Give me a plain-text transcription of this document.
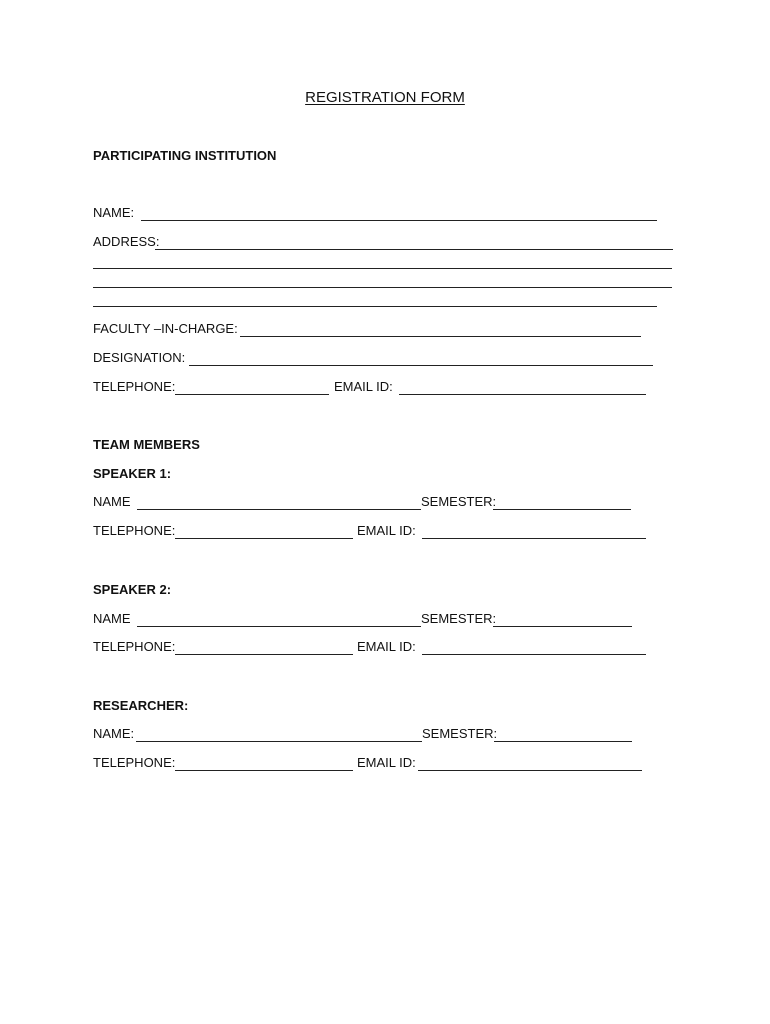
REGISTRATION FORM
PARTICIPATING INSTITUTION
NAME:
ADDRESS:
FACULTY –IN-CHARGE:
DESIGNATION:
TELEPHONE:	EMAIL ID:
TEAM MEMBERS
SPEAKER 1:
NAME	SEMESTER:
TELEPHONE:	EMAIL ID:
SPEAKER 2:
NAME	SEMESTER:
TELEPHONE:	EMAIL ID:
RESEARCHER:
NAME:	SEMESTER:
TELEPHONE:	EMAIL ID:
